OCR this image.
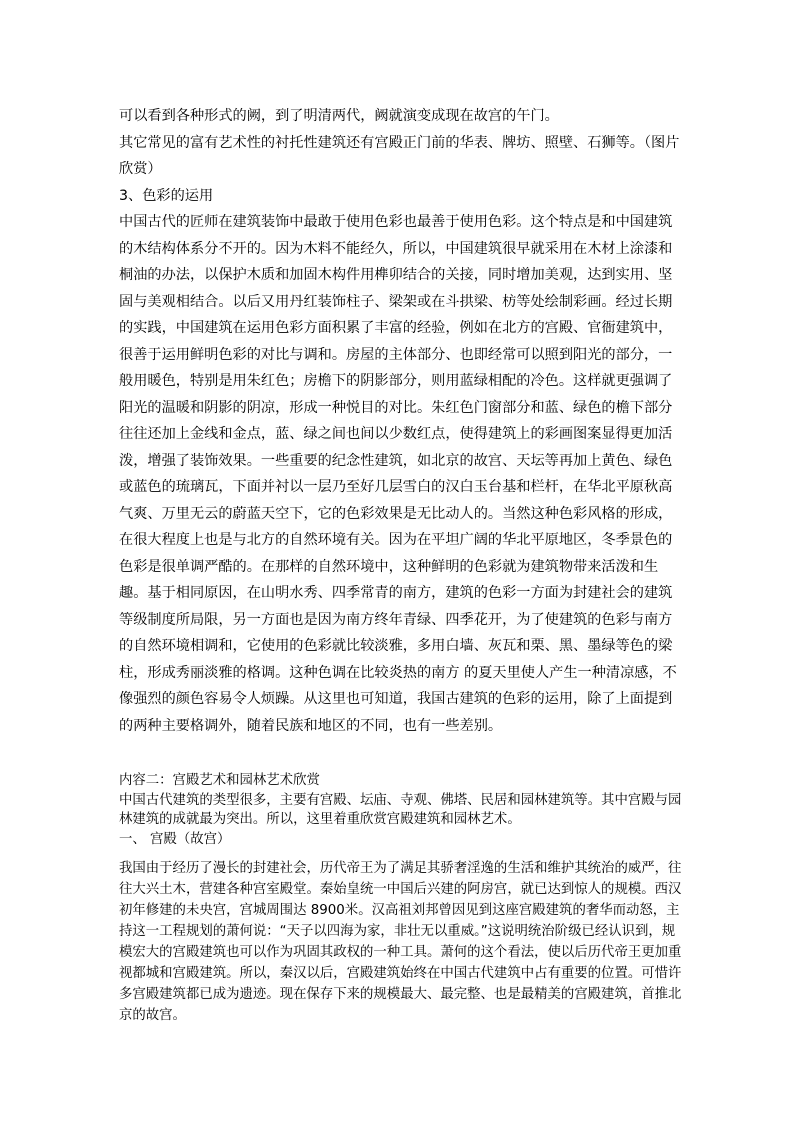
可以看到各种形式的阙，到了明清两代，阙就演变成现在故宫的午门。

其它常见的富有艺术性的衬托性建筑还有宫殿正门前的华表、牌坊、照壁、石狮等。（图片欣赏）

3、色彩的运用

中国古代的匠师在建筑装饰中最敢于使用色彩也最善于使用色彩。这个特点是和中国建筑的木结构体系分不开的。因为木料不能经久，所以，中国建筑很早就采用在木材上涂漆和桐油的办法，以保护木质和加固木构件用榫卯结合的关接，同时增加美观，达到实用、坚固与美观相结合。以后又用丹红装饰柱子、梁架或在斗拱梁、枋等处绘制彩画。经过长期的实践，中国建筑在运用色彩方面积累了丰富的经验，例如在北方的宫殿、官衙建筑中，很善于运用鲜明色彩的对比与调和。房屋的主体部分、也即经常可以照到阳光的部分，一般用暖色，特别是用朱红色；房檐下的阴影部分，则用蓝绿相配的冷色。这样就更强调了阳光的温暖和阴影的阴凉，形成一种悦目的对比。朱红色门窗部分和蓝、绿色的檐下部分往往还加上金线和金点，蓝、绿之间也间以少数红点，使得建筑上的彩画图案显得更加活泼，增强了装饰效果。一些重要的纪念性建筑，如北京的故宫、天坛等再加上黄色、绿色或蓝色的琉璃瓦，下面并衬以一层乃至好几层雪白的汉白玉台基和栏杆，在华北平原秋高气爽、万里无云的蔚蓝天空下，它的色彩效果是无比动人的。当然这种色彩风格的形成，在很大程度上也是与北方的自然环境有关。因为在平坦广阔的华北平原地区，冬季景色的色彩是很单调严酷的。在那样的自然环境中，这种鲜明的色彩就为建筑物带来活泼和生趣。基于相同原因，在山明水秀、四季常青的南方，建筑的色彩一方面为封建社会的建筑等级制度所局限，另一方面也是因为南方终年青绿、四季花开，为了使建筑的色彩与南方的自然环境相调和，它使用的色彩就比较淡雅，多用白墙、灰瓦和栗、黑、墨绿等色的梁柱，形成秀丽淡雅的格调。这种色调在比较炎热的南方 的夏天里使人产生一种清凉感，不像强烈的颜色容易令人烦躁。从这里也可知道，我国古建筑的色彩的运用，除了上面提到的两种主要格调外，随着民族和地区的不同，也有一些差别。

内容二：宫殿艺术和园林艺术欣赏

中国古代建筑的类型很多，主要有宫殿、坛庙、寺观、佛塔、民居和园林建筑等。其中宫殿与园林建筑的成就最为突出。所以，这里着重欣赏宫殿建筑和园林艺术。

一、 宫殿（故宫）

我国由于经历了漫长的封建社会，历代帝王为了满足其骄奢淫逸的生活和维护其统治的威严，往往大兴土木，营建各种宫室殿堂。秦始皇统一中国后兴建的阿房宫，就已达到惊人的规模。西汉初年修建的未央宫，宫城周围达 8900米。汉高祖刘邦曾因见到这座宫殿建筑的奢华而动怒，主持这一工程规划的萧何说：“天子以四海为家，非壮无以重威。”这说明统治阶级已经认识到，规模宏大的宫殿建筑也可以作为巩固其政权的一种工具。萧何的这个看法，使以后历代帝王更加重视都城和宫殿建筑。所以，秦汉以后，宫殿建筑始终在中国古代建筑中占有重要的位置。可惜许多宫殿建筑都已成为遗迹。现在保存下来的规模最大、最完整、也是最精美的宫殿建筑，首推北京的故宫。
